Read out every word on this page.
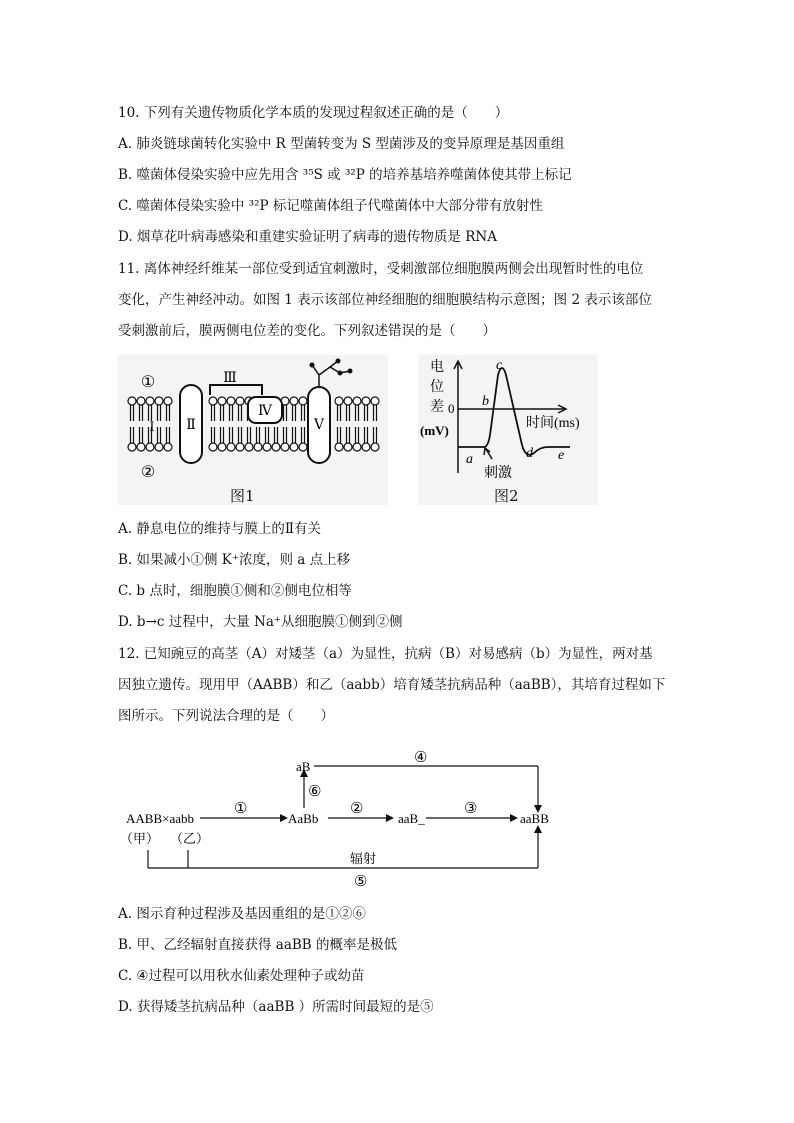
10. 下列有关遗传物质化学本质的发现过程叙述正确的是（　　）
A. 肺炎链球菌转化实验中 R 型菌转变为 S 型菌涉及的变异原理是基因重组
B. 噬菌体侵染实验中应先用含 ³⁵S 或 ³²P 的培养基培养噬菌体使其带上标记
C. 噬菌体侵染实验中 ³²P 标记噬菌体组子代噬菌体中大部分带有放射性
D. 烟草花叶病毒感染和重建实验证明了病毒的遗传物质是 RNA
11. 离体神经纤维某一部位受到适宜刺激时，受刺激部位细胞膜两侧会出现暂时性的电位
变化，产生神经冲动。如图 1 表示该部位神经细胞的细胞膜结构示意图；图 2 表示该部位
受刺激前后，膜两侧电位差的变化。下列叙述错误的是（　　）
①
②
Ⅰ Ⅱ
Ⅲ
Ⅳ
Ⅴ
图1
电
位
差
(mV)
0
时间(ms)
a
b
c
d e
刺激
图2
A. 静息电位的维持与膜上的Ⅱ有关
B. 如果减小①侧 K⁺浓度，则 a 点上移
C. b 点时，细胞膜①侧和②侧电位相等
D. b→c 过程中，大量 Na⁺从细胞膜①侧到②侧
12. 已知豌豆的高茎（A）对矮茎（a）为显性，抗病（B）对易感病（b）为显性，两对基
因独立遗传。现用甲（AABB）和乙（aabb）培育矮茎抗病品种（aaBB），其培育过程如下
图所示。下列说法合理的是（　　）
AABB×aabb
（甲） （乙）
AaBb
aB
aaB_	aaBB
①	②	③
④
⑤
⑥
辐射
A. 图示育种过程涉及基因重组的是①②⑥
B. 甲、乙经辐射直接获得 aaBB 的概率是极低
C. ④过程可以用秋水仙素处理种子或幼苗
D. 获得矮茎抗病品种（aaBB ）所需时间最短的是⑤
